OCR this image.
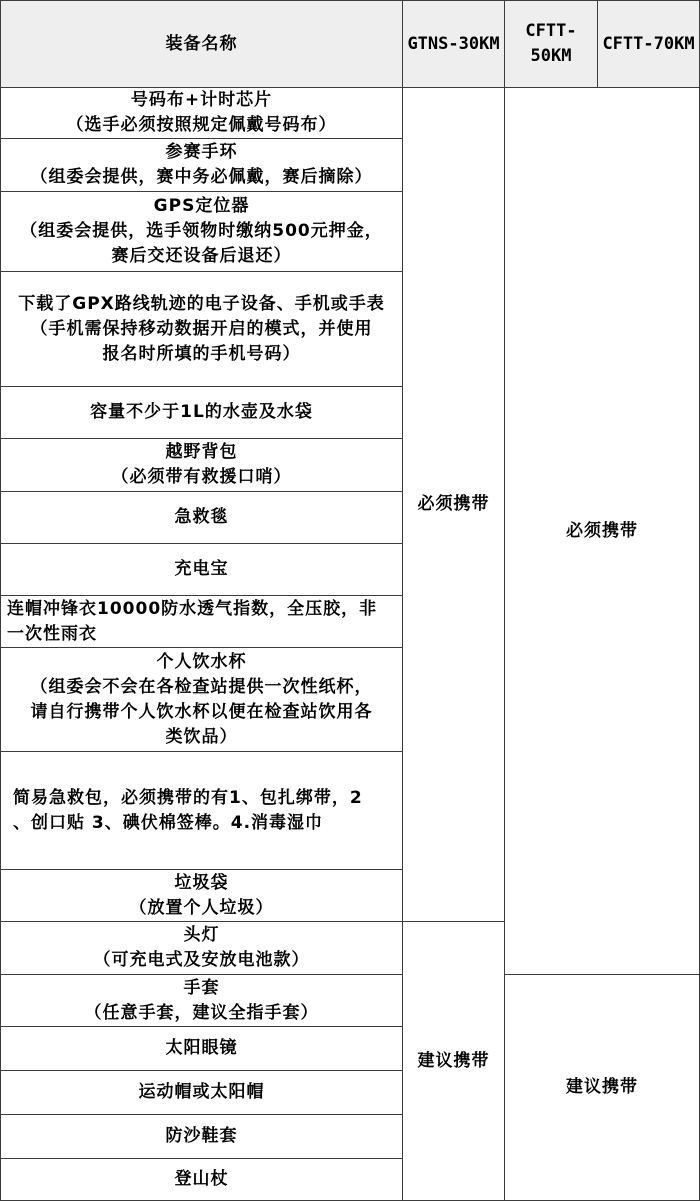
装备名称	GTNS-30KM
CFTT-
50KM
CFTT-70KM
号码布+计时芯片
（选手必须按照规定佩戴号码布）
参赛手环
（组委会提供，赛中务必佩戴，赛后摘除）
GPS定位器
（组委会提供，选手领物时缴纳500元押金，
赛后交还设备后退还）
下载了GPX路线轨迹的电子设备、手机或手表
（手机需保持移动数据开启的模式，并使用
报名时所填的手机号码）
容量不少于1L的水壶及水袋
越野背包
（必须带有救援口哨）
急救毯
充电宝
连帽冲锋衣10000防水透气指数，全压胶，非
一次性雨衣
个人饮水杯
（组委会不会在各检查站提供一次性纸杯，
请自行携带个人饮水杯以便在检查站饮用各
类饮品）
简易急救包，必须携带的有1、包扎绑带，2
、创口贴 3、碘伏棉签棒。4.消毒湿巾
垃圾袋
（放置个人垃圾）
头灯
（可充电式及安放电池款）
手套
（任意手套，建议全指手套）
太阳眼镜
运动帽或太阳帽
防沙鞋套
登山杖
必须携带
建议携带
必须携带
建议携带
